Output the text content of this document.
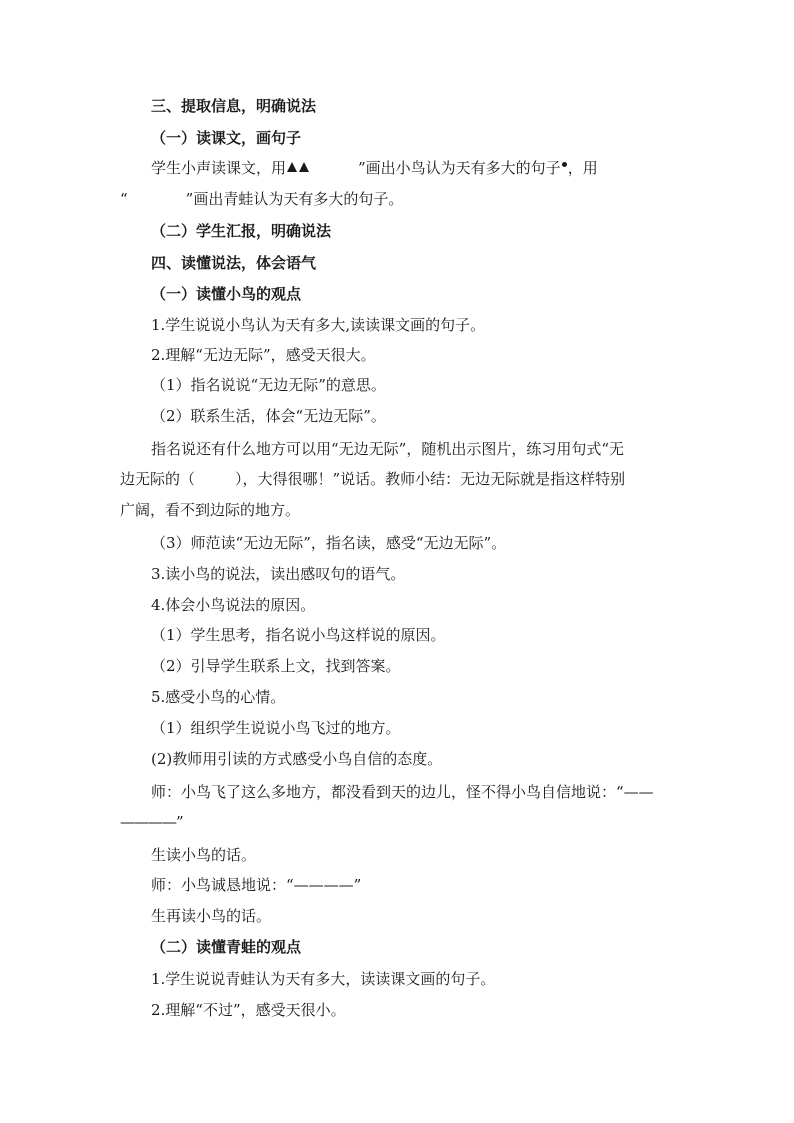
三、提取信息，明确说法
（一）读课文，画句子
学生小声读课文，用	”画出小鸟认为天有多大的句子 ，用
“	”画出青蛙认为天有多大的句子。
（二）学生汇报，明确说法
四、读懂说法，体会语气
（一）读懂小鸟的观点
1.学生说说小鸟认为天有多大,读读课文画的句子。
2.理解“无边无际”，感受天很大。
（1）指名说说“无边无际”的意思。
（2）联系生活，体会“无边无际”。
指名说还有什么地方可以用“无边无际”，随机出示图片，练习用句式“无
边无际的（	），大得很哪！”说话。教师小结：无边无际就是指这样特别
广阔，看不到边际的地方。
（3）师范读“无边无际”，指名读，感受“无边无际”。
3.读小鸟的说法，读出感叹句的语气。
4.体会小鸟说法的原因。
（1）学生思考，指名说小鸟这样说的原因。
（2）引导学生联系上文，找到答案。
5.感受小鸟的心情。
（1）组织学生说说小鸟飞过的地方。
(2)教师用引读的方式感受小鸟自信的态度。
师：小鸟飞了这么多地方，都没看到天的边儿，怪不得小鸟自信地说：“——
————”
生读小鸟的话。
师：小鸟诚恳地说：“————”
生再读小鸟的话。
（二）读懂青蛙的观点
1.学生说说青蛙认为天有多大，读读课文画的句子。
2.理解“不过”，感受天很小。
